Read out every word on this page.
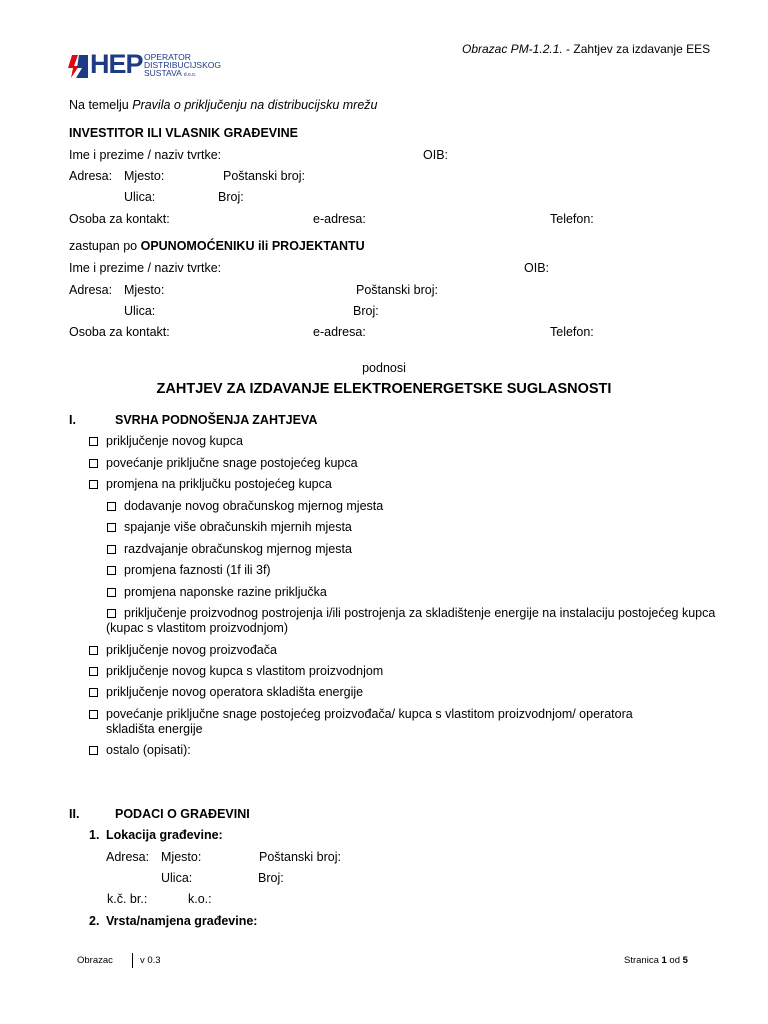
Obrazac PM-1.2.1. - Zahtjev za izdavanje EES
HEP OPERATOR
DISTRIBUCIJSKOG
SUSTAVA d.o.o.
Na temelju Pravila o priključenju na distribucijsku mrežu
INVESTITOR ILI VLASNIK GRAĐEVINE
Ime i prezime / naziv tvrtke:	OIB:
Adresa: Mjesto:	Poštanski broj:
Ulica:	Broj:
Osoba za kontakt:	e-adresa:	Telefon:
zastupan po OPUNOMOĆENIKU ili PROJEKTANTU
Ime i prezime / naziv tvrtke:	OIB:
Adresa: Mjesto:	Poštanski broj:
Ulica:	Broj:
Osoba za kontakt:	e-adresa:	Telefon:
podnosi
ZAHTJEV ZA IZDAVANJE ELEKTROENERGETSKE SUGLASNOSTI
I.	SVRHA PODNOŠENJA ZAHTJEVA
priključenje novog kupca
povećanje priključne snage postojećeg kupca
promjena na priključku postojećeg kupca
dodavanje novog obračunskog mjernog mjesta
spajanje više obračunskih mjernih mjesta
razdvajanje obračunskog mjernog mjesta
promjena faznosti (1f ili 3f)
promjena naponske razine priključka
priključenje proizvodnog postrojenja i/ili postrojenja za skladištenje energije na instalaciju postojećeg kupca (kupac s vlastitom proizvodnjom)
priključenje novog proizvođača
priključenje novog kupca s vlastitom proizvodnjom
priključenje novog operatora skladišta energije
povećanje priključne snage postojećeg proizvođača/ kupca s vlastitom proizvodnjom/ operatora skladišta energije
ostalo (opisati):
II.	PODACI O GRAĐEVINI
1. Lokacija građevine:
Adresa: Mjesto:	Poštanski broj:
Ulica:	Broj:
k.č. br.:	k.o.:
2. Vrsta/namjena građevine:
Obrazac	v 0.3	Stranica 1 od 5
